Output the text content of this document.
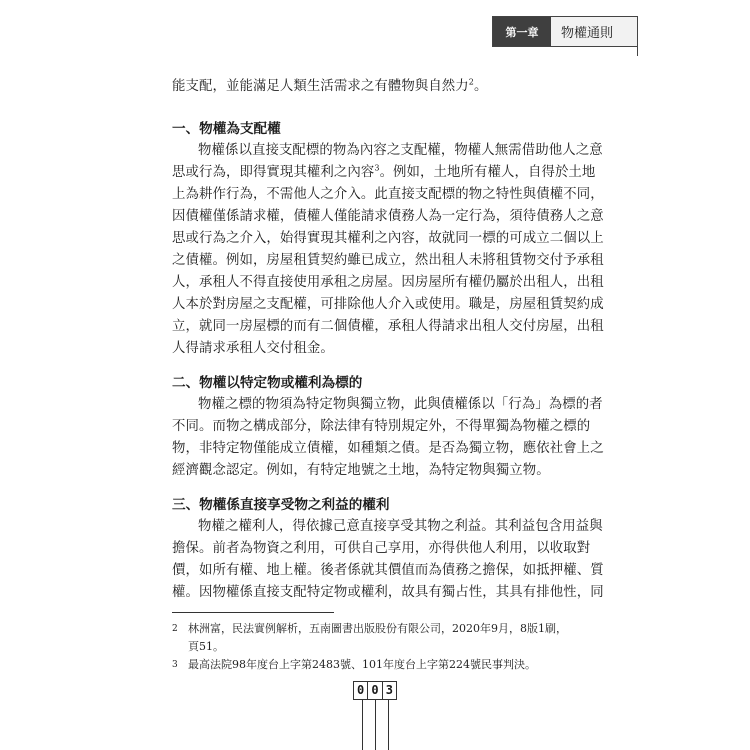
第一章	物權通則
能支配，並能滿足人類生活需求之有體物與自然力$^2$。
一、物權為支配權
物權係以直接支配標的物為內容之支配權，物權人無需借助他人之意
思或行為，即得實現其權利之內容$^3$。例如，土地所有權人，自得於土地
上為耕作行為，不需他人之介入。此直接支配標的物之特性與債權不同，
因債權僅係請求權，債權人僅能請求債務人為一定行為，須待債務人之意
思或行為之介入，始得實現其權利之內容，故就同一標的可成立二個以上
之債權。例如，房屋租賃契約雖已成立，然出租人未將租賃物交付予承租
人，承租人不得直接使用承租之房屋。因房屋所有權仍屬於出租人，出租
人本於對房屋之支配權，可排除他人介入或使用。職是，房屋租賃契約成
立，就同一房屋標的而有二個債權，承租人得請求出租人交付房屋，出租
人得請求承租人交付租金。
二、物權以特定物或權利為標的
物權之標的物須為特定物與獨立物，此與債權係以「行為」為標的者
不同。而物之構成部分，除法律有特別規定外，不得單獨為物權之標的
物，非特定物僅能成立債權，如種類之債。是否為獨立物，應依社會上之
經濟觀念認定。例如，有特定地號之土地，為特定物與獨立物。
三、物權係直接享受物之利益的權利
物權之權利人，得依據己意直接享受其物之利益。其利益包含用益與
擔保。前者為物資之利用，可供自己享用，亦得供他人利用，以收取對
價，如所有權、地上權。後者係就其價值而為債務之擔保，如抵押權、質
權。因物權係直接支配特定物或權利，故具有獨占性，其具有排他性，同
2 林洲富，民法實例解析，五南圖書出版股份有限公司，2020年9月，8版1刷，
頁51。
3 最高法院98年度台上字第2483號、101年度台上字第224號民事判決。
0 0 3
